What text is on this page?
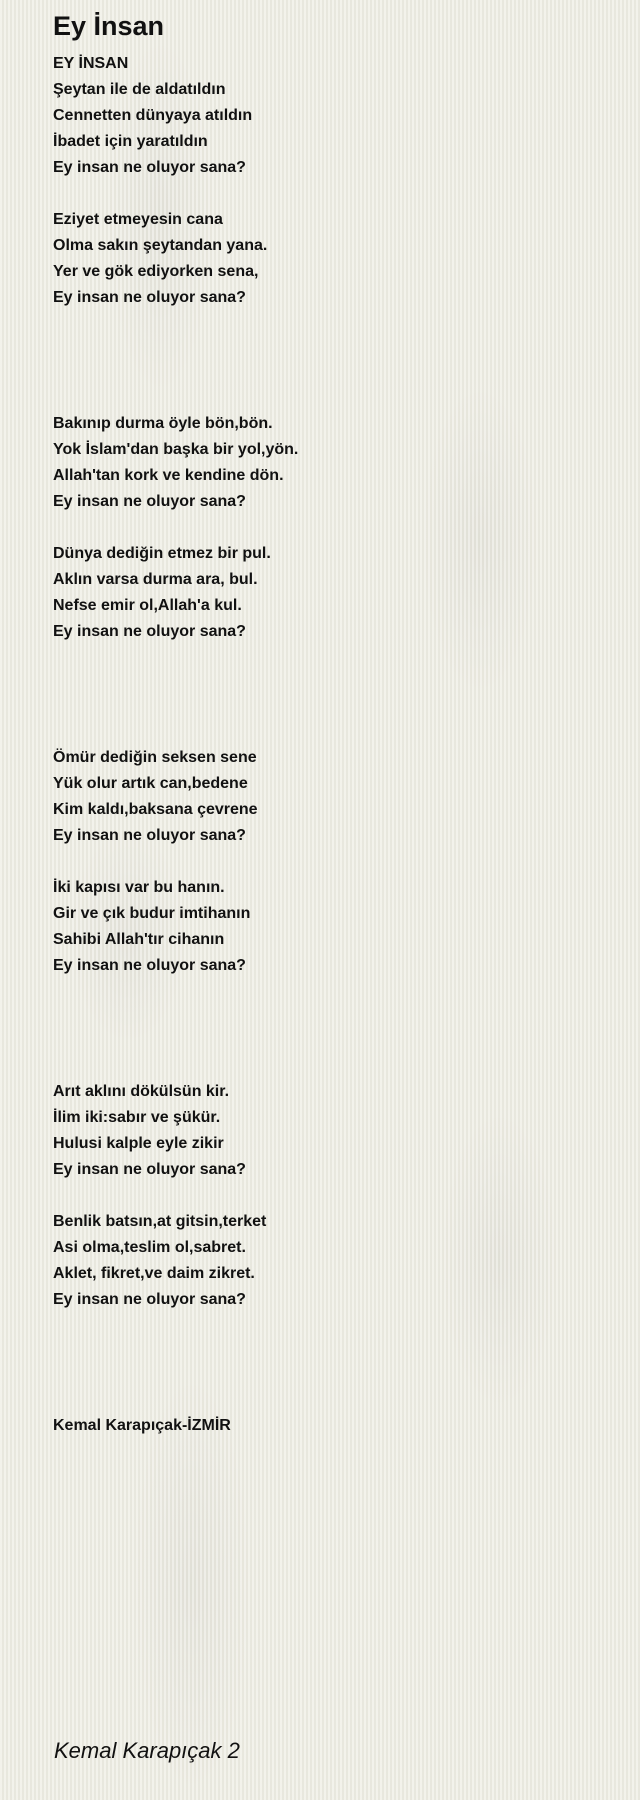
Ey İnsan
EY İNSAN
Şeytan ile de aldatıldın
Cennetten dünyaya atıldın
İbadet için yaratıldın
Ey insan ne oluyor sana?
Eziyet etmeyesin cana
Olma sakın şeytandan yana.
Yer ve gök ediyorken sena,
Ey insan ne oluyor sana?
Bakınıp durma öyle bön,bön.
Yok İslam'dan başka bir yol,yön.
Allah'tan kork ve kendine dön.
Ey insan ne oluyor sana?
Dünya dediğin etmez bir pul.
Aklın varsa durma ara, bul.
Nefse emir ol,Allah'a kul.
Ey insan ne oluyor sana?
Ömür dediğin seksen sene
Yük olur artık can,bedene
Kim kaldı,baksana çevrene
Ey insan ne oluyor sana?
İki kapısı var bu hanın.
Gir ve çık budur imtihanın
Sahibi Allah'tır cihanın
Ey insan ne oluyor sana?
Arıt aklını dökülsün kir.
İlim iki:sabır ve şükür.
Hulusi kalple eyle zikir
Ey insan ne oluyor sana?
Benlik batsın,at gitsin,terket
Asi olma,teslim ol,sabret.
Aklet, fikret,ve daim zikret.
Ey insan ne oluyor sana?
Kemal Karapıçak-İZMİR
Kemal Karapıçak 2
